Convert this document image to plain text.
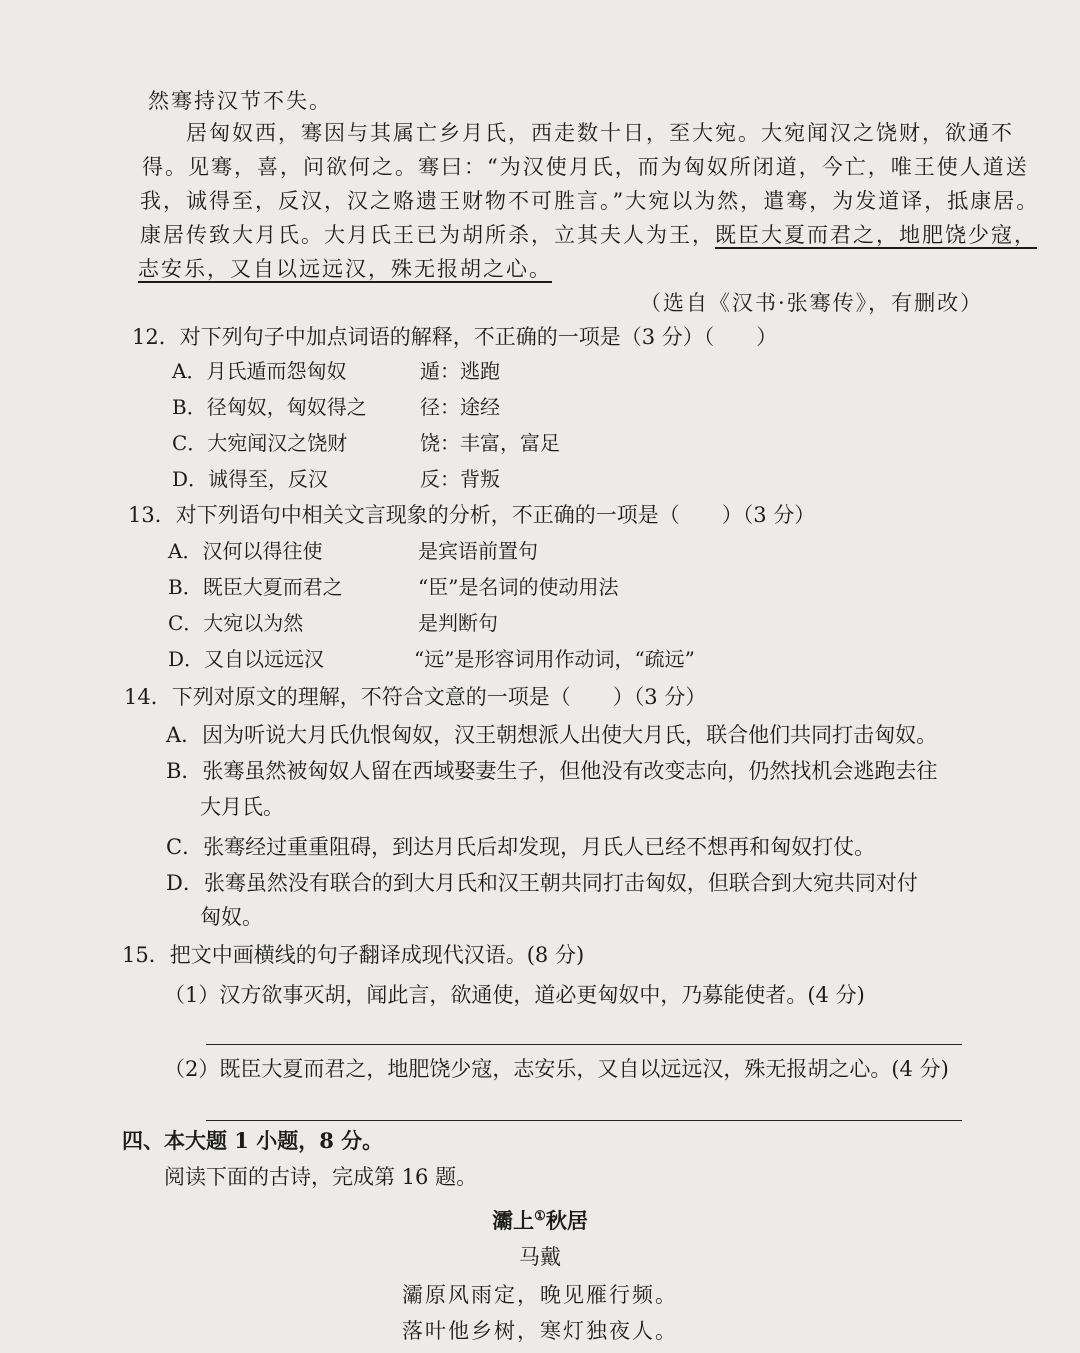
然骞持汉节不失。
居匈奴西，骞因与其属亡乡月氏，西走数十日，至大宛。大宛闻汉之饶财，欲通不
得。见骞，喜，问欲何之。骞曰：“为汉使月氏，而为匈奴所闭道，今亡，唯王使人道送
我，诚得至，反汉，汉之赂遗王财物不可胜言。”大宛以为然，遣骞，为发道译，抵康居。
康居传致大月氏。大月氏王已为胡所杀，立其夫人为王，既臣大夏而君之，地肥饶少寇，
志安乐，又自以远远汉，殊无报胡之心。
（选自《汉书·张骞传》，有删改）
12．对下列句子中加点词语的解释，不正确的一项是（3 分）（　　）
A．月氏遁而怨匈奴	遁：逃跑
B．径匈奴，匈奴得之	径：途经
C．大宛闻汉之饶财	饶：丰富，富足
D．诚得至，反汉	反：背叛
13．对下列语句中相关文言现象的分析，不正确的一项是（　　）（3 分）
A．汉何以得往使	是宾语前置句
B．既臣大夏而君之	“臣”是名词的使动用法
C．大宛以为然	是判断句
D．又自以远远汉	“远”是形容词用作动词，“疏远”
14．下列对原文的理解，不符合文意的一项是（　　）（3 分）
A．因为听说大月氏仇恨匈奴，汉王朝想派人出使大月氏，联合他们共同打击匈奴。
B．张骞虽然被匈奴人留在西域娶妻生子，但他没有改变志向，仍然找机会逃跑去往
大月氏。
C．张骞经过重重阻碍，到达月氏后却发现，月氏人已经不想再和匈奴打仗。
D．张骞虽然没有联合的到大月氏和汉王朝共同打击匈奴，但联合到大宛共同对付
匈奴。
15．把文中画横线的句子翻译成现代汉语。(8 分)
（1）汉方欲事灭胡，闻此言，欲通使，道必更匈奴中，乃募能使者。(4 分)
（2）既臣大夏而君之，地肥饶少寇，志安乐，又自以远远汉，殊无报胡之心。(4 分)
四、本大题 1 小题，8 分。
阅读下面的古诗，完成第 16 题。
灞上①秋居
马戴
灞原风雨定，晚见雁行频。
落叶他乡树，寒灯独夜人。
